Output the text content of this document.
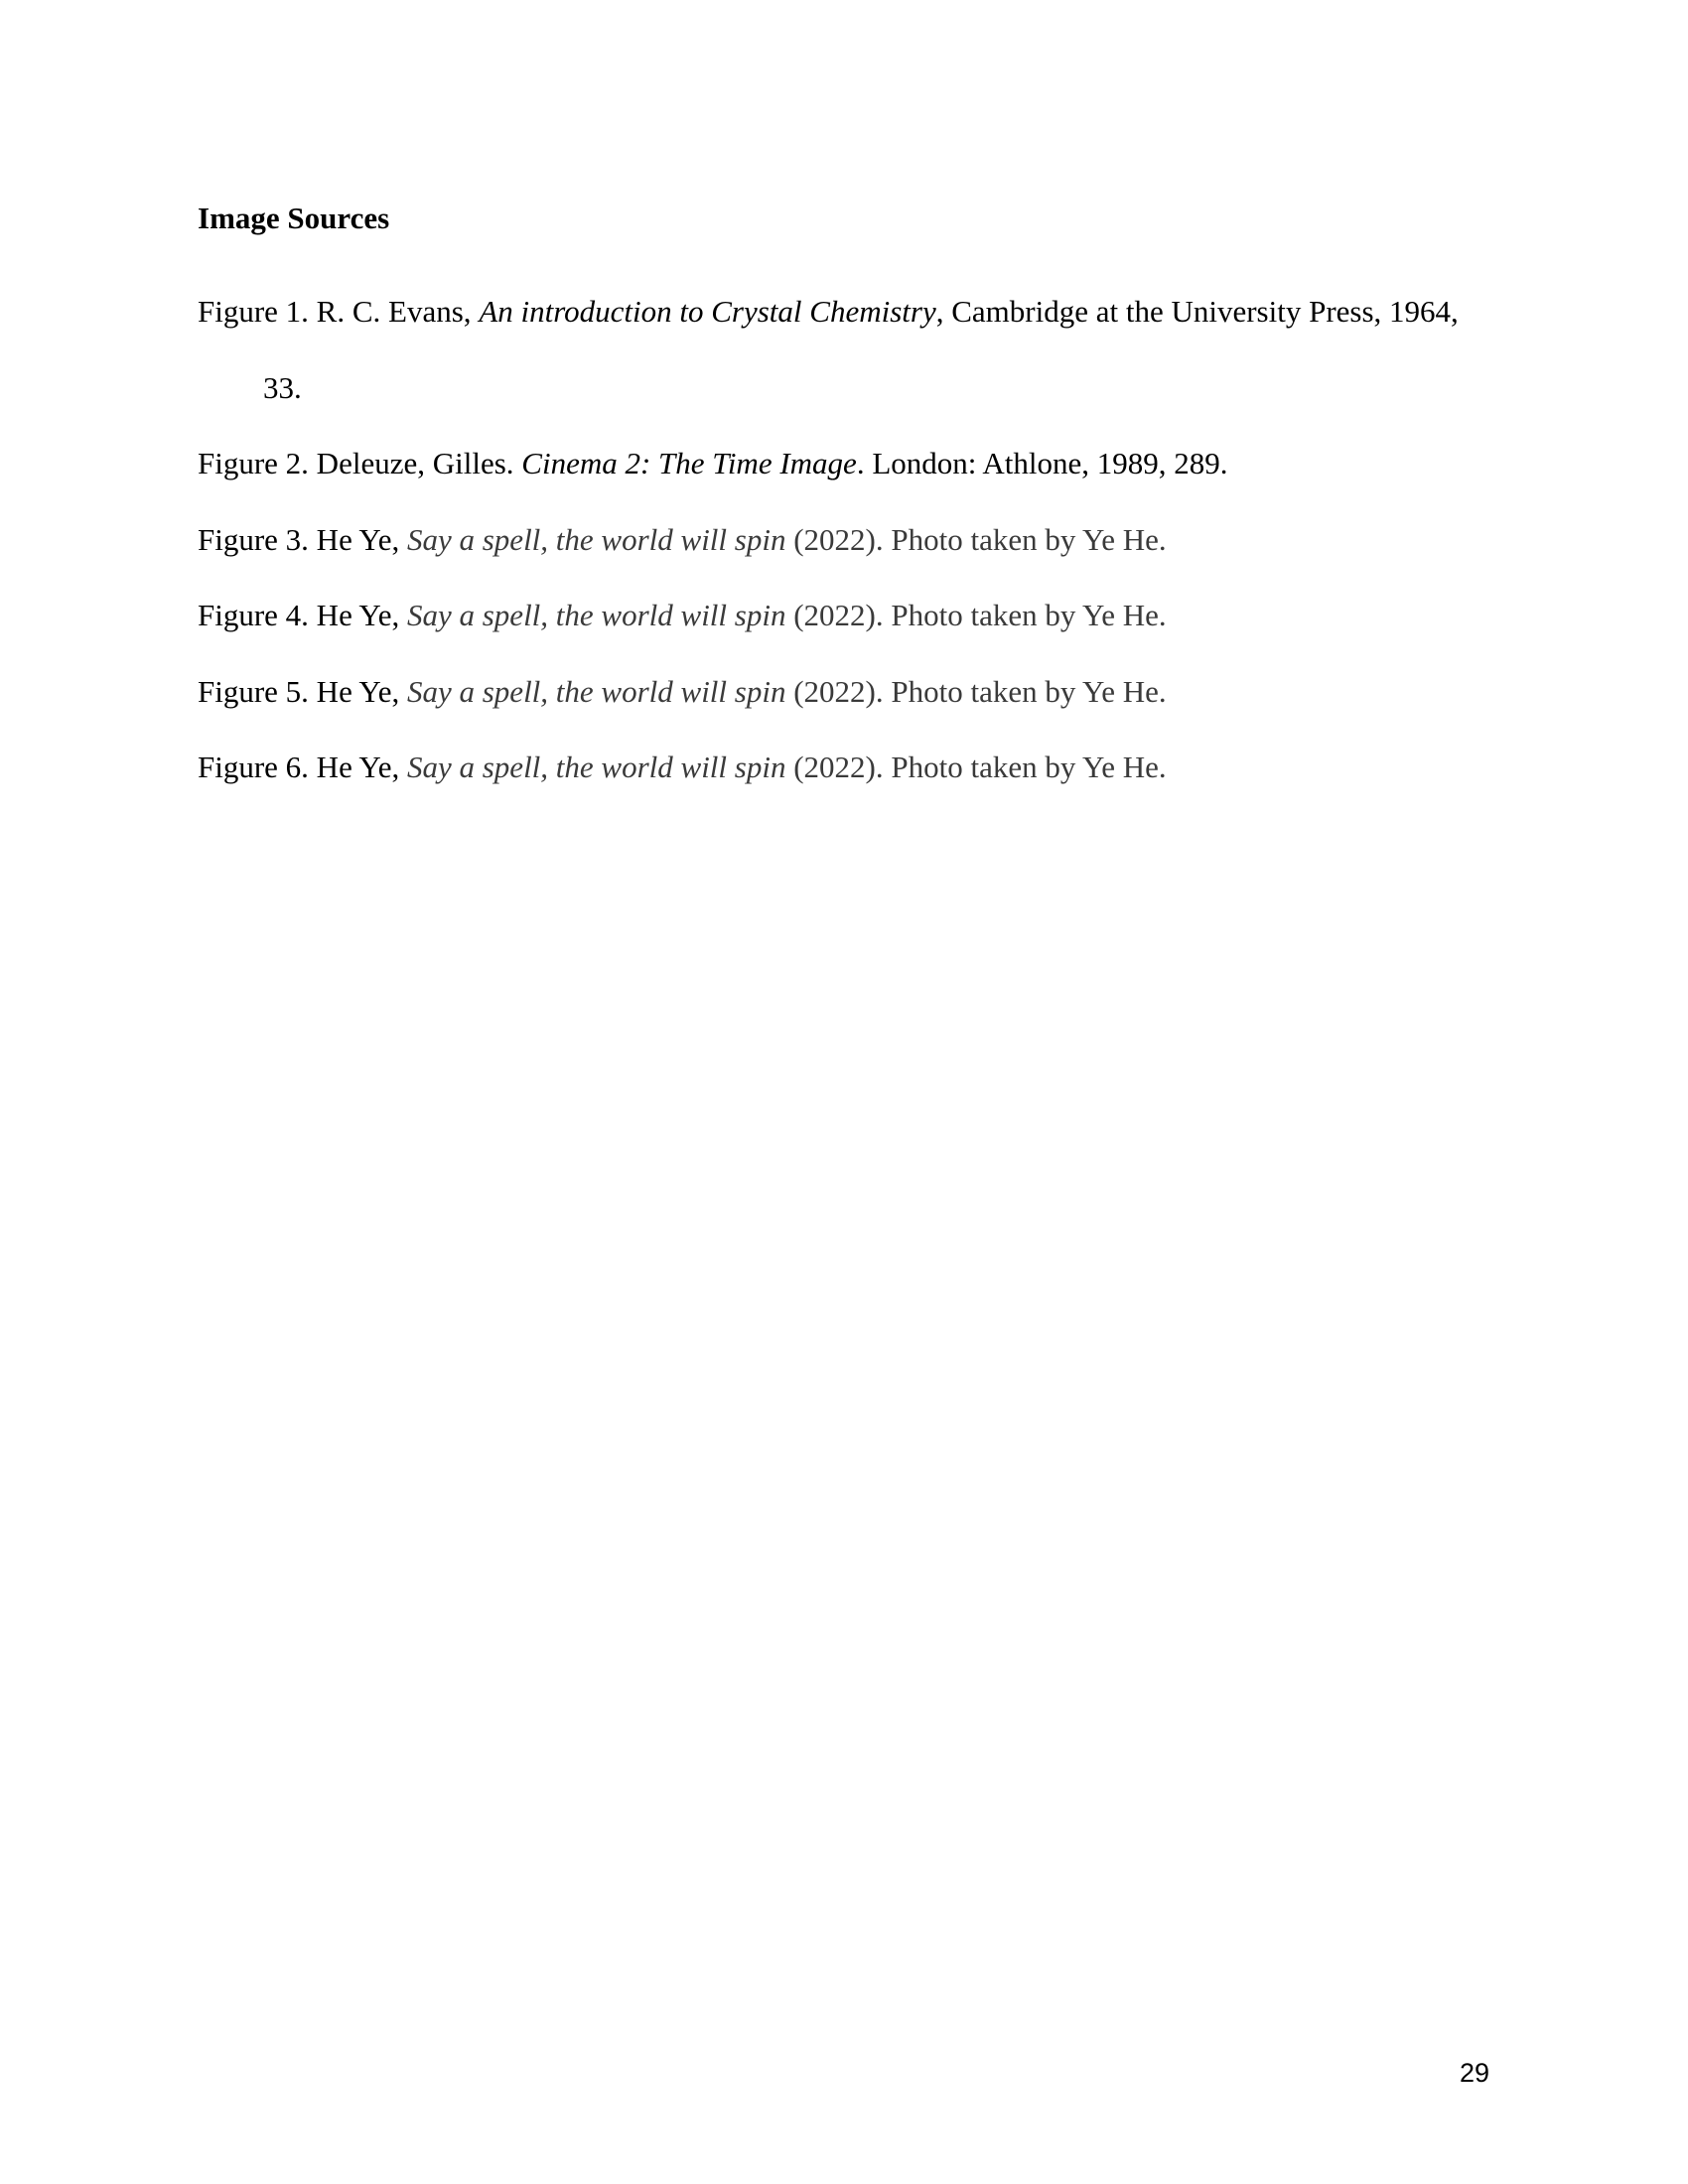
Image Sources
Figure 1. R. C. Evans, An introduction to Crystal Chemistry, Cambridge at the University Press, 1964, 33.
Figure 2. Deleuze, Gilles. Cinema 2: The Time Image. London: Athlone, 1989, 289.
Figure 3. He Ye, Say a spell, the world will spin (2022). Photo taken by Ye He.
Figure 4. He Ye, Say a spell, the world will spin (2022). Photo taken by Ye He.
Figure 5. He Ye, Say a spell, the world will spin (2022). Photo taken by Ye He.
Figure 6. He Ye, Say a spell, the world will spin (2022). Photo taken by Ye He.
29
